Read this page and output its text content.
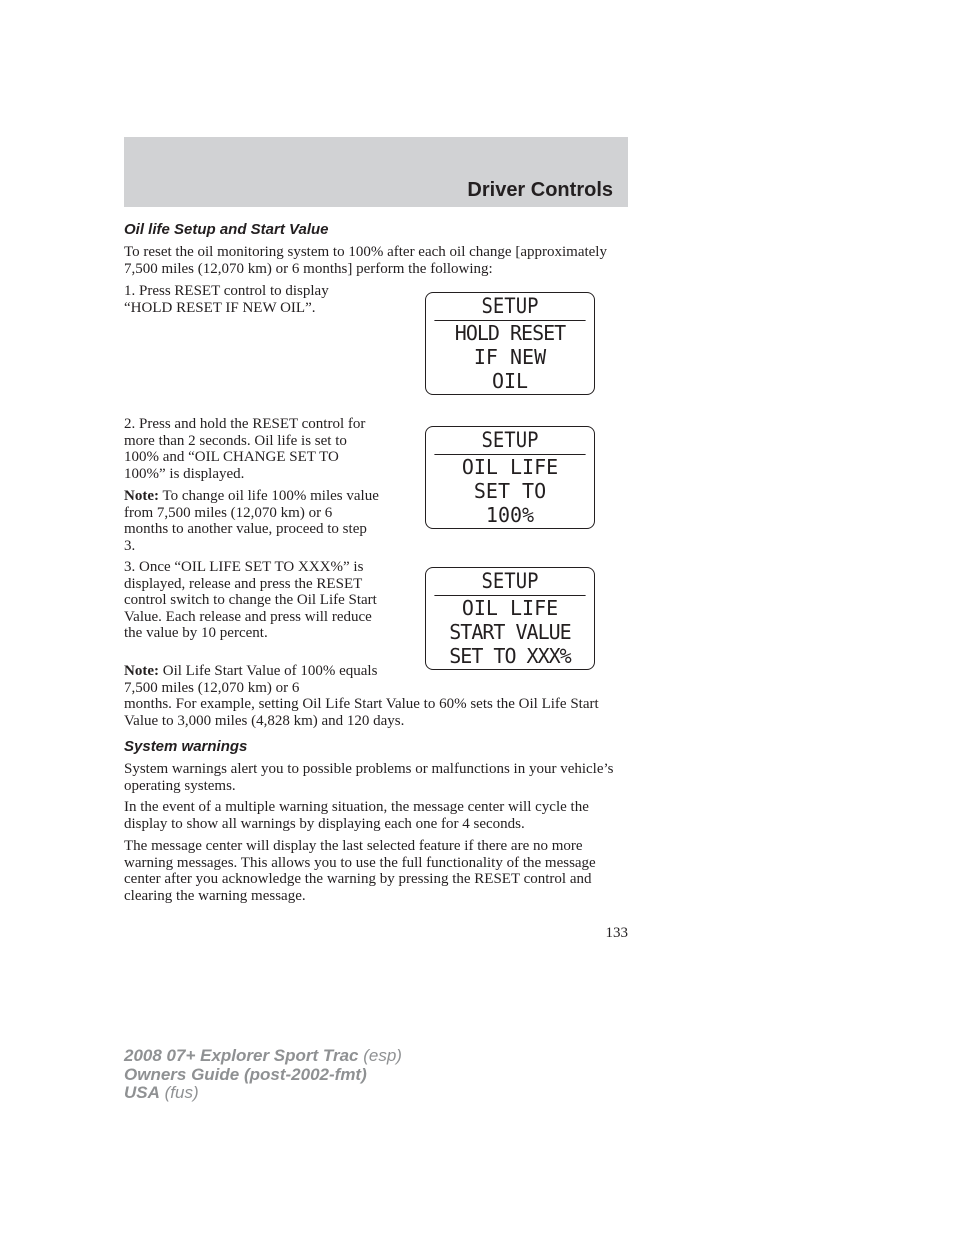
Driver Controls
Oil life Setup and Start Value

To reset the oil monitoring system to 100% after each oil change [approximately 7,500 miles (12,070 km) or 6 months] perform the following:

1. Press RESET control to display “HOLD RESET IF NEW OIL”.

2. Press and hold the RESET control for more than 2 seconds. Oil life is set to 100% and “OIL CHANGE SET TO 100%” is displayed.

Note: To change oil life 100% miles value from 7,500 miles (12,070 km) or 6 months to another value, proceed to step 3.

3. Once “OIL LIFE SET TO XXX%” is displayed, release and press the RESET control switch to change the Oil Life Start Value. Each release and press will reduce the value by 10 percent.

Note: Oil Life Start Value of 100% equals 7,500 miles (12,070 km) or 6

months. For example, setting Oil Life Start Value to 60% sets the Oil Life Start Value to 3,000 miles (4,828 km) and 120 days.

SETUP
HOLD RESET
IF NEW
OIL
SETUP
OIL LIFE
SET TO
100%
SETUP
OIL LIFE
START VALUE
SET TO XXX%
System warnings

System warnings alert you to possible problems or malfunctions in your vehicle’s operating systems.

In the event of a multiple warning situation, the message center will cycle the display to show all warnings by displaying each one for 4 seconds.

The message center will display the last selected feature if there are no more warning messages. This allows you to use the full functionality of the message center after you acknowledge the warning by pressing the RESET control and clearing the warning message.

133
2008 07+ Explorer Sport Trac (esp)
Owners Guide (post-2002-fmt)
USA (fus)
